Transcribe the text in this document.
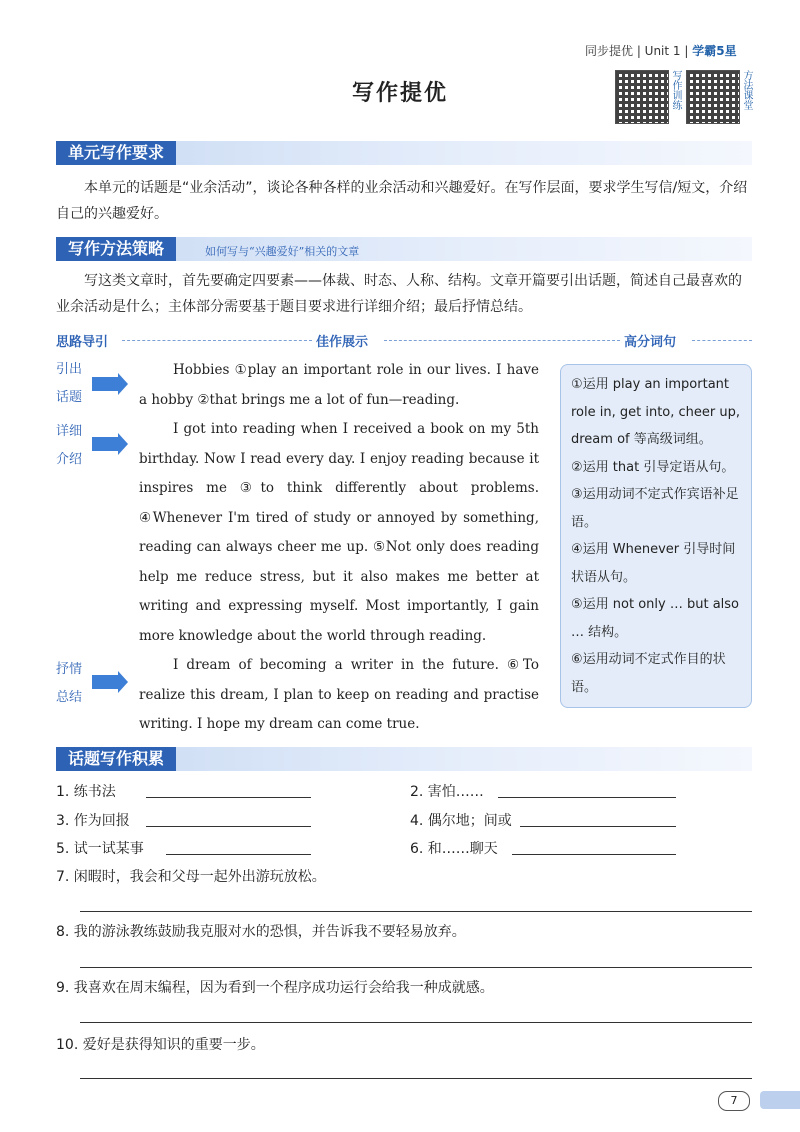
同步提优 | Unit 1 | 学霸5星
写作提优	写作训练	方法课堂
单元写作要求
本单元的话题是“业余活动”，谈论各种各样的业余活动和兴趣爱好。在写作层面，要求学生写信/短文，介绍自己的兴趣爱好。
写作方法策略	如何写与“兴趣爱好”相关的文章
写这类文章时，首先要确定四要素——体裁、时态、人称、结构。文章开篇要引出话题，简述自己最喜欢的业余活动是什么；主体部分需要基于题目要求进行详细介绍；最后抒情总结。
思路导引	佳作展示	高分词句
引出话题
详细介绍
抒情总结
Hobbies ①play an important role in our lives. I have a hobby ②that brings me a lot of fun—reading.
I got into reading when I received a book on my 5th birthday. Now I read every day. I enjoy reading because it inspires me ③to think differently about problems. ④Whenever I'm tired of study or annoyed by something, reading can always cheer me up. ⑤Not only does reading help me reduce stress, but it also makes me better at writing and expressing myself. Most importantly, I gain more knowledge about the world through reading.
I dream of becoming a writer in the future. ⑥To realize this dream, I plan to keep on reading and practise writing. I hope my dream can come true.
①运用 play an important role in, get into, cheer up, dream of 等高级词组。
②运用 that 引导定语从句。
③运用动词不定式作宾语补足语。
④运用 Whenever 引导时间状语从句。
⑤运用 not only … but also … 结构。
⑥运用动词不定式作目的状语。
话题写作积累
1. 练书法	2. 害怕……
3. 作为回报	4. 偶尔地；间或
5. 试一试某事	6. 和……聊天
7. 闲暇时，我会和父母一起外出游玩放松。
8. 我的游泳教练鼓励我克服对水的恐惧，并告诉我不要轻易放弃。
9. 我喜欢在周末编程，因为看到一个程序成功运行会给我一种成就感。
10. 爱好是获得知识的重要一步。
7
